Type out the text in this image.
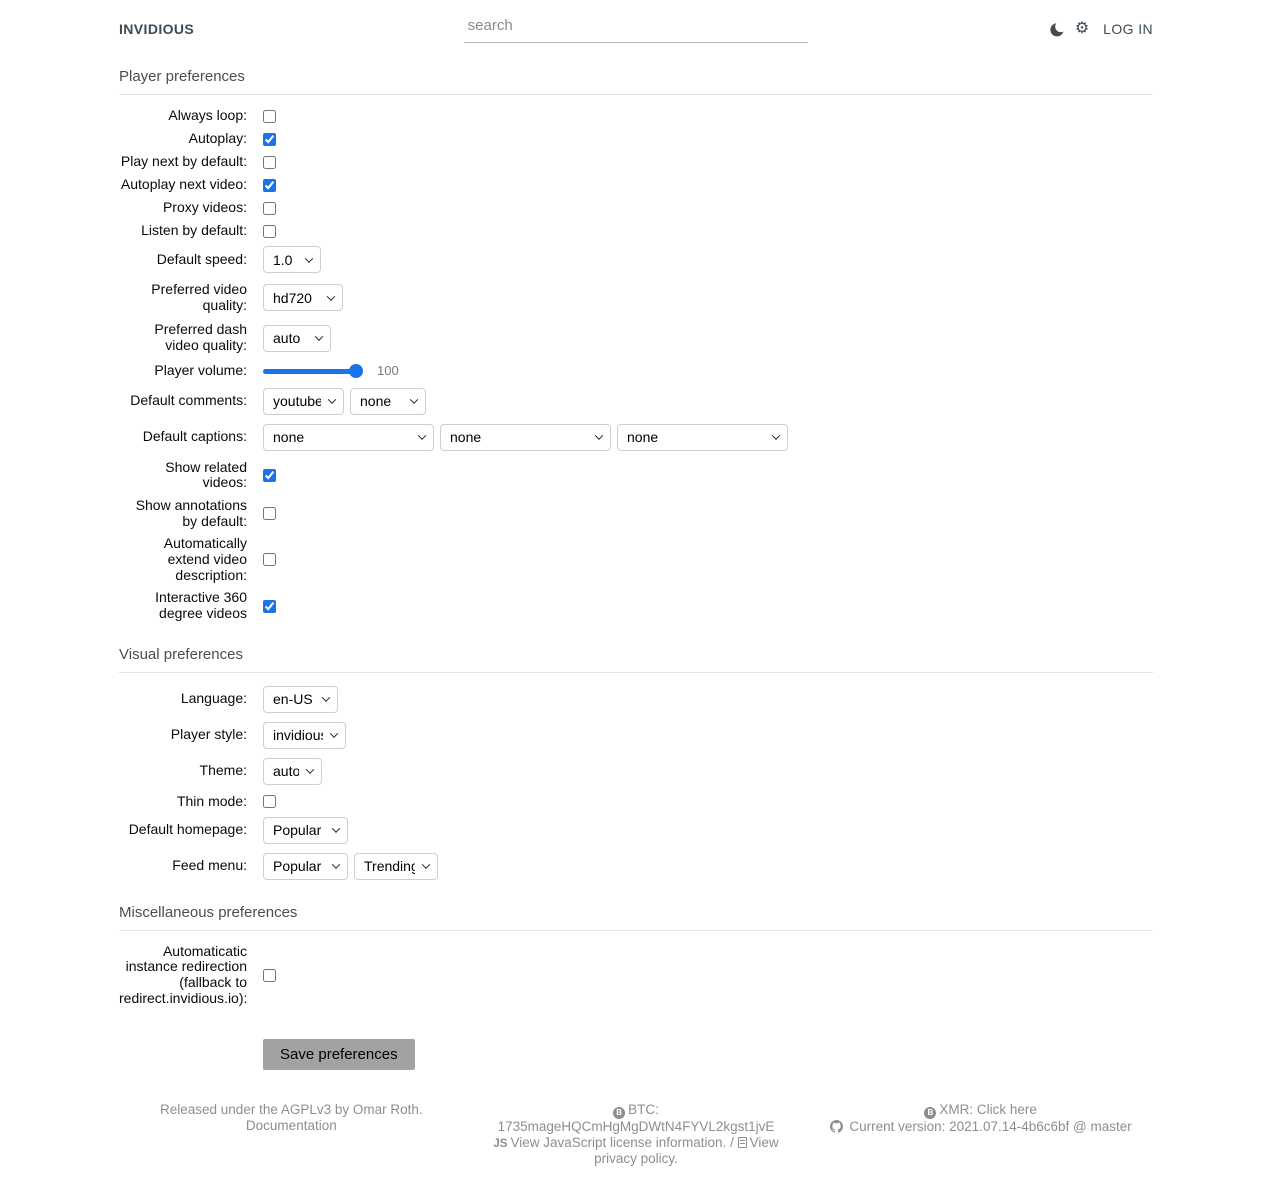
INVIDIOUS
search	⚙ LOG IN
Player preferences
Always loop:
Autoplay:
Play next by default:
Autoplay next video:
Proxy videos:
Listen by default:
Default speed:
1.0
Preferred video quality:
hd720
Preferred dash video quality:
auto
Player volume:	100
Default comments:
youtube
none
Default captions:
none
none
none
Show related videos:
Show annotations by default:
Automatically extend video description:
Interactive 360 degree videos
Visual preferences
Language:
en-US
Player style:
invidious
Theme:
auto
Thin mode:
Default homepage:
Popular
Feed menu:
Popular
Trending
Miscellaneous preferences
Automaticatic instance redirection (fallback to redirect.invidious.io):
Save preferences
Released under the AGPLv3 by Omar Roth.
Documentation
B BTC: 1735mageHQCmHgMgDWtN4FYVL2kgst1jvE
JS View JavaScript license information. / View privacy policy.
B XMR: Click here
Current version: 2021.07.14-4b6c6bf @ master
